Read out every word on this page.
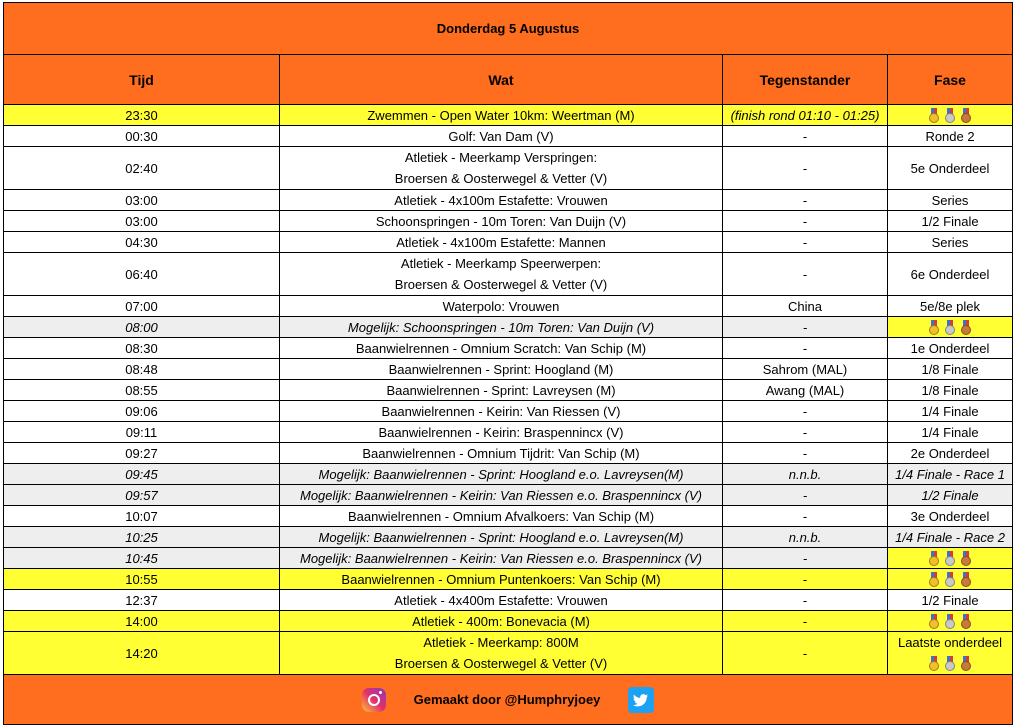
Donderdag 5 Augustus			
Tijd	Wat	Tegenstander	Fase
23:30	Zwemmen - Open Water 10km: Weertman (M)	(finish rond 01:10 - 01:25)	

00:30	Golf: Van Dam (V)	-	Ronde 2
02:40	Atletiek - Meerkamp Verspringen:
Broersen & Oosterwegel & Vetter (V)	-	5e Onderdeel
03:00	Atletiek - 4x100m Estafette: Vrouwen	-	Series
03:00	Schoonspringen - 10m Toren: Van Duijn (V)	-	1/2 Finale
04:30	Atletiek - 4x100m Estafette: Mannen	-	Series
06:40	Atletiek - Meerkamp Speerwerpen:
Broersen & Oosterwegel & Vetter (V)	-	6e Onderdeel
07:00	Waterpolo: Vrouwen	China	5e/8e plek
08:00	Mogelijk: Schoonspringen - 10m Toren: Van Duijn (V)	-	

08:30	Baanwielrennen - Omnium Scratch: Van Schip (M)	-	1e Onderdeel
08:48	Baanwielrennen - Sprint: Hoogland (M)	Sahrom (MAL)	1/8 Finale
08:55	Baanwielrennen - Sprint: Lavreysen (M)	Awang (MAL)	1/8 Finale
09:06	Baanwielrennen - Keirin: Van Riessen (V)	-	1/4 Finale
09:11	Baanwielrennen - Keirin: Braspennincx (V)	-	1/4 Finale
09:27	Baanwielrennen - Omnium Tijdrit: Van Schip (M)	-	2e Onderdeel
09:45	Mogelijk: Baanwielrennen - Sprint: Hoogland e.o. Lavreysen(M)	n.n.b.	1/4 Finale - Race 1
09:57	Mogelijk: Baanwielrennen - Keirin: Van Riessen e.o. Braspennincx (V)	-	1/2 Finale
10:07	Baanwielrennen - Omnium Afvalkoers: Van Schip (M)	-	3e Onderdeel
10:25	Mogelijk: Baanwielrennen - Sprint: Hoogland e.o. Lavreysen(M)	n.n.b.	1/4 Finale - Race 2
10:45	Mogelijk: Baanwielrennen - Keirin: Van Riessen e.o. Braspennincx (V)	-	

10:55	Baanwielrennen - Omnium Puntenkoers: Van Schip (M)	-	

12:37	Atletiek - 4x400m Estafette: Vrouwen	-	1/2 Finale
14:00	Atletiek - 400m: Bonevacia (M)	-	

14:20	Atletiek - Meerkamp: 800M
Broersen & Oosterwegel & Vetter (V)	-	Laatste onderdeel

Gemaakt door @Humphryjoey			
